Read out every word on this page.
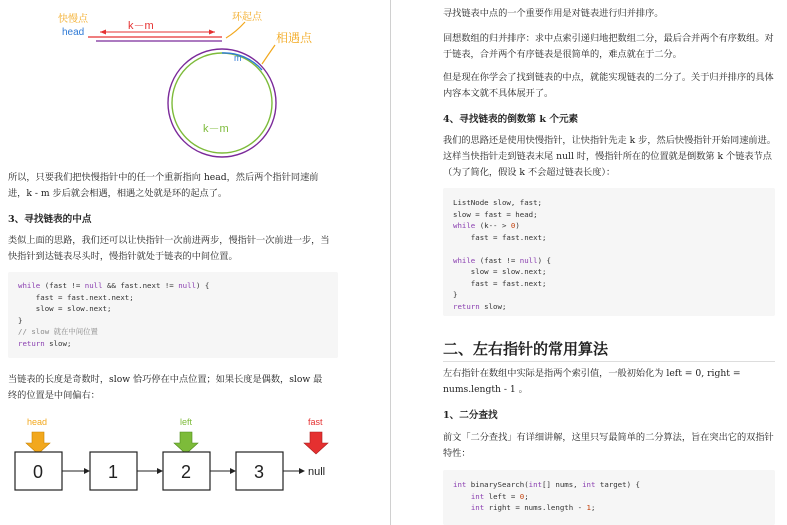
快慢点
head
k－m
环起点
相遇点
m
k－m

所以，只要我们把快慢指针中的任一个重新指向 head，然后两个指针同速前进，k - m 步后就会相遇，相遇之处就是环的起点了。

3、寻找链表的中点

类似上面的思路，我们还可以让快指针一次前进两步，慢指针一次前进一步，当快指针到达链表尽头时，慢指针就处于链表的中间位置。

while (fast != null && fast.next != null) {
fast = fast.next.next;
slow = slow.next;
}
// slow 就在中间位置
return slow;

当链表的长度是奇数时，slow 恰巧停在中点位置；如果长度是偶数，slow 最终的位置是中间偏右：

head	left	fast
0	1	2	3	null

寻找链表中点的一个重要作用是对链表进行归并排序。

回想数组的归并排序：求中点索引递归地把数组二分，最后合并两个有序数组。对于链表，合并两个有序链表是很简单的，难点就在于二分。

但是现在你学会了找到链表的中点，就能实现链表的二分了。关于归并排序的具体内容本文就不具体展开了。

4、寻找链表的倒数第 k 个元素

我们的思路还是使用快慢指针，让快指针先走 k 步，然后快慢指针开始同速前进。这样当快指针走到链表末尾 null 时，慢指针所在的位置就是倒数第 k 个链表节点（为了简化，假设 k 不会超过链表长度）：

ListNode slow, fast;
slow = fast = head;
while (k-- > 0)
fast = fast.next;

while (fast != null) {
slow = slow.next;
fast = fast.next;
}
return slow;

二、左右指针的常用算法

左右指针在数组中实际是指两个索引值，一般初始化为 left = 0, right = nums.length - 1 。

1、二分查找

前文「二分查找」有详细讲解，这里只写最简单的二分算法，旨在突出它的双指针特性：

int binarySearch(int[] nums, int target) {
int left = 0;
int right = nums.length - 1;
